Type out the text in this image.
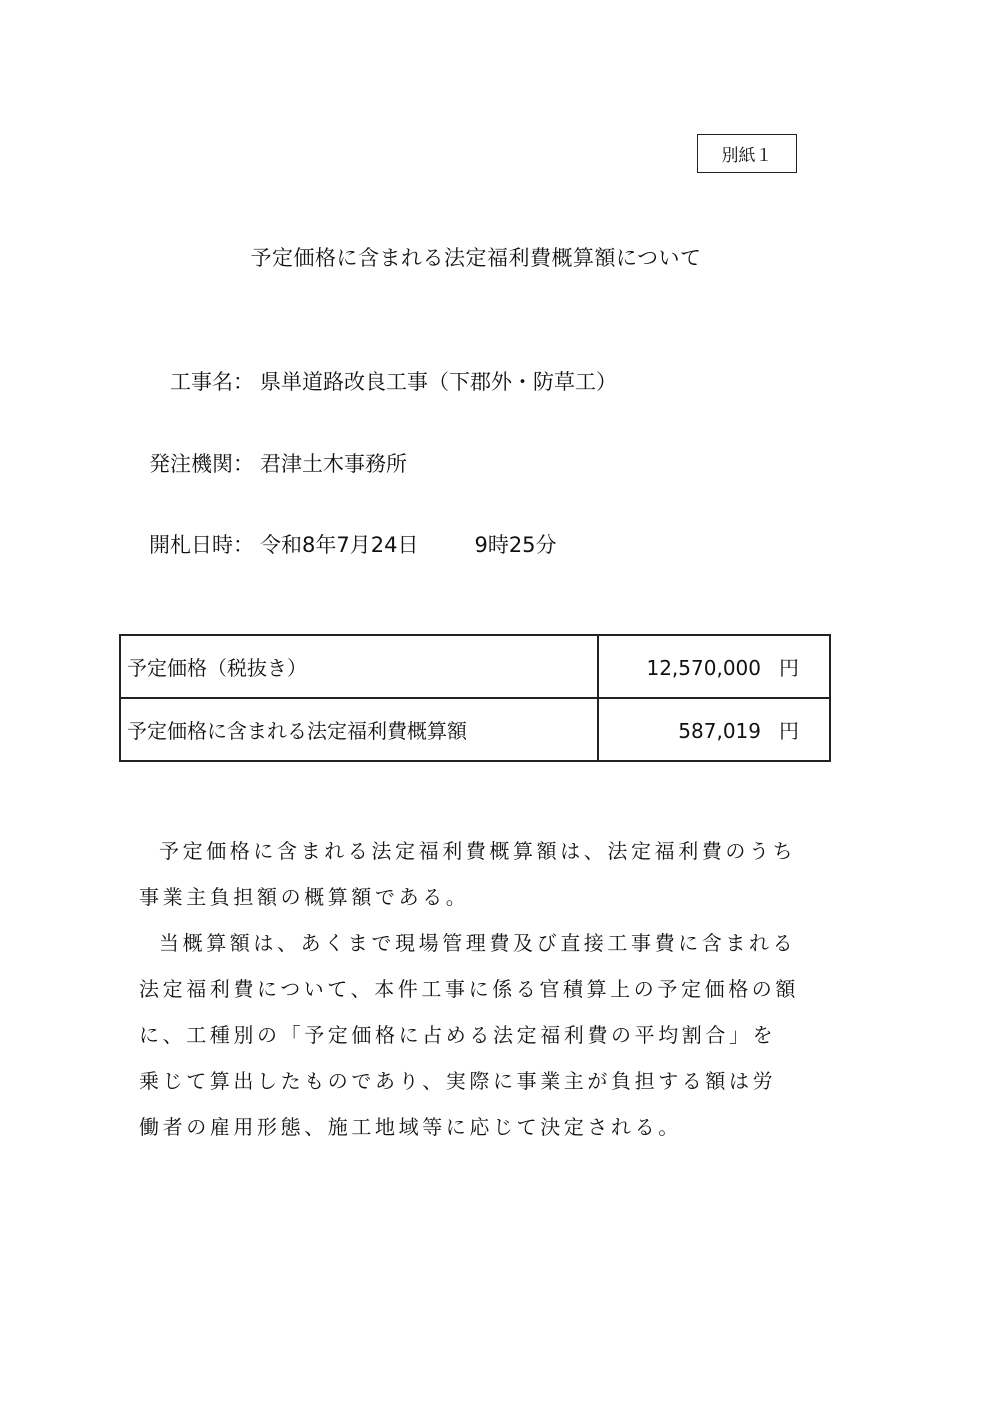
別紙１
予定価格に含まれる法定福利費概算額について
工事名： 県単道路改良工事（下郡外・防草工）
発注機関： 君津土木事務所
開札日時： 令和8年7月24日	9時25分
予定価格（税抜き）	12,570,000 円
予定価格に含まれる法定福利費概算額	587,019 円

予定価格に含まれる法定福利費概算額は、法定福利費のうち事業主負担額の概算額である。

当概算額は、あくまで現場管理費及び直接工事費に含まれる法定福利費について、本件工事に係る官積算上の予定価格の額に、工種別の「予定価格に占める法定福利費の平均割合」を乗じて算出したものであり、実際に事業主が負担する額は労働者の雇用形態、施工地域等に応じて決定される。
